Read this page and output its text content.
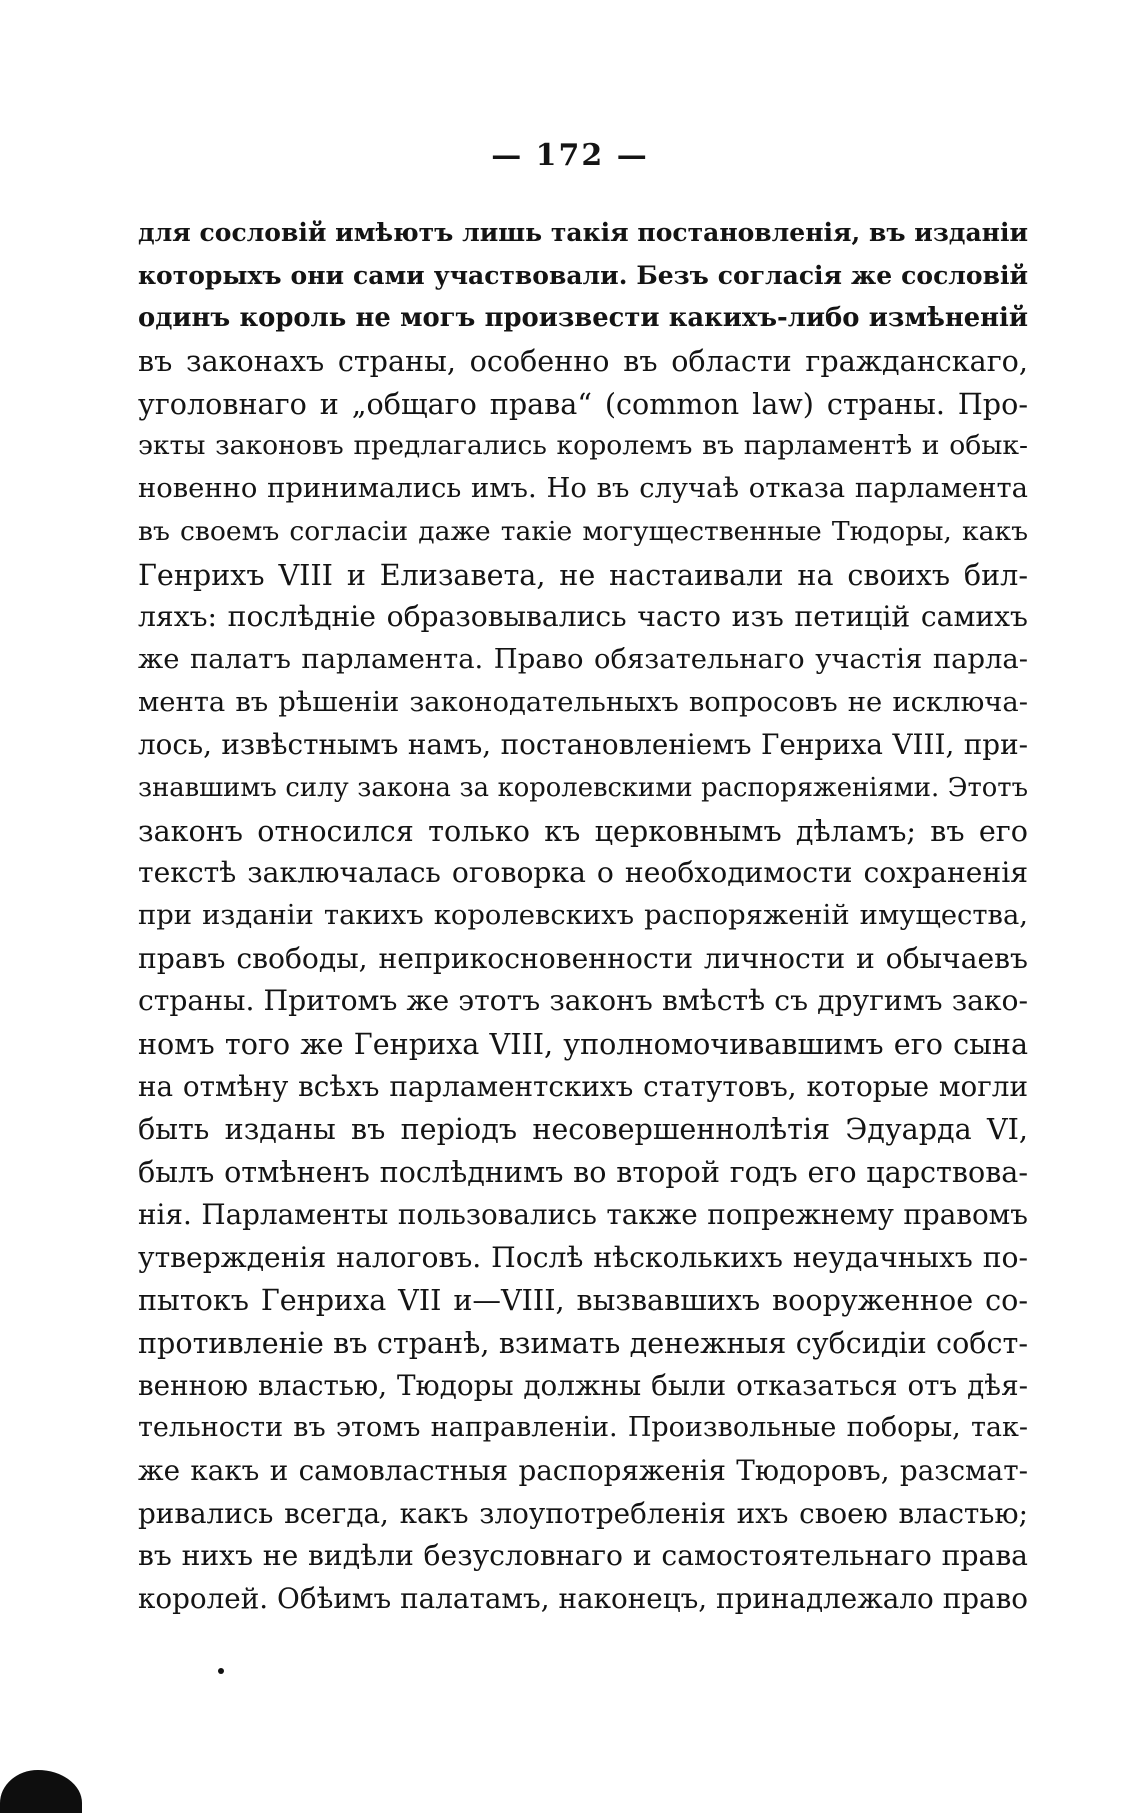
— 172 —
для сословій имѣютъ лишь такія постановленія, въ изданіи
которыхъ они сами участвовали. Безъ согласія же сословій
одинъ король не могъ произвести какихъ-либо измѣненій
въ законахъ страны, особенно въ области гражданскаго,
уголовнаго и „общаго права“ (common law) страны. Про-
экты законовъ предлагались королемъ въ парламентѣ и обык-
новенно принимались имъ. Но въ случаѣ отказа парламента
въ своемъ согласіи даже такіе могущественные Тюдоры, какъ
Генрихъ VIII и Елизавета, не настаивали на своихъ бил-
ляхъ: послѣдніе образовывались часто изъ петицій самихъ
же палатъ парламента. Право обязательнаго участія парла-
мента въ рѣшеніи законодательныхъ вопросовъ не исключа-
лось, извѣстнымъ намъ, постановленіемъ Генриха VIII, при-
знавшимъ силу закона за королевскими распоряженіями. Этотъ
законъ относился только къ церковнымъ дѣламъ; въ его
текстѣ заключалась оговорка о необходимости сохраненія
при изданіи такихъ королевскихъ распоряженій имущества,
правъ свободы, неприкосновенности личности и обычаевъ
страны. Притомъ же этотъ законъ вмѣстѣ съ другимъ зако-
номъ того же Генриха VIII, уполномочивавшимъ его сына
на отмѣну всѣхъ парламентскихъ статутовъ, которые могли
быть изданы въ періодъ несовершеннолѣтія Эдуарда VI,
былъ отмѣненъ послѣднимъ во второй годъ его царствова-
нія. Парламенты пользовались также попрежнему правомъ
утвержденія налоговъ. Послѣ нѣсколькихъ неудачныхъ по-
пытокъ Генриха VII и—VIII, вызвавшихъ вооруженное со-
противленіе въ странѣ, взимать денежныя субсидіи собст-
венною властью, Тюдоры должны были отказаться отъ дѣя-
тельности въ этомъ направленіи. Произвольные поборы, так-
же какъ и самовластныя распоряженія Тюдоровъ, разсмат-
ривались всегда, какъ злоупотребленія ихъ своею властью;
въ нихъ не видѣли безусловнаго и самостоятельнаго права
королей. Обѣимъ палатамъ, наконецъ, принадлежало право
